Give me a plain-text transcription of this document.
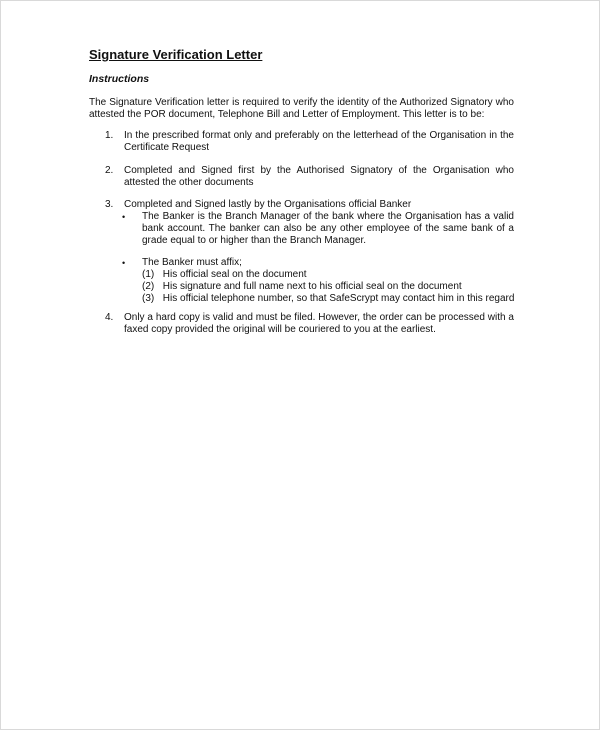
Signature Verification Letter
Instructions
The Signature Verification letter is required to verify the identity of the Authorized Signatory who attested the POR document, Telephone Bill and Letter of Employment. This letter is to be:
1. In the prescribed format only and preferably on the letterhead of the Organisation in the Certificate Request
2. Completed and Signed first by the Authorised Signatory of the Organisation who attested the other documents
3. Completed and Signed lastly by the Organisations official Banker
• The Banker is the Branch Manager of the bank where the Organisation has a valid bank account. The banker can also be any other employee of the same bank of a grade equal to or higher than the Branch Manager.
• The Banker must affix;
(1) His official seal on the document
(2) His signature and full name next to his official seal on the document
(3) His official telephone number, so that SafeScrypt may contact him in this regard
4. Only a hard copy is valid and must be filed. However, the order can be processed with a faxed copy provided the original will be couriered to you at the earliest.
